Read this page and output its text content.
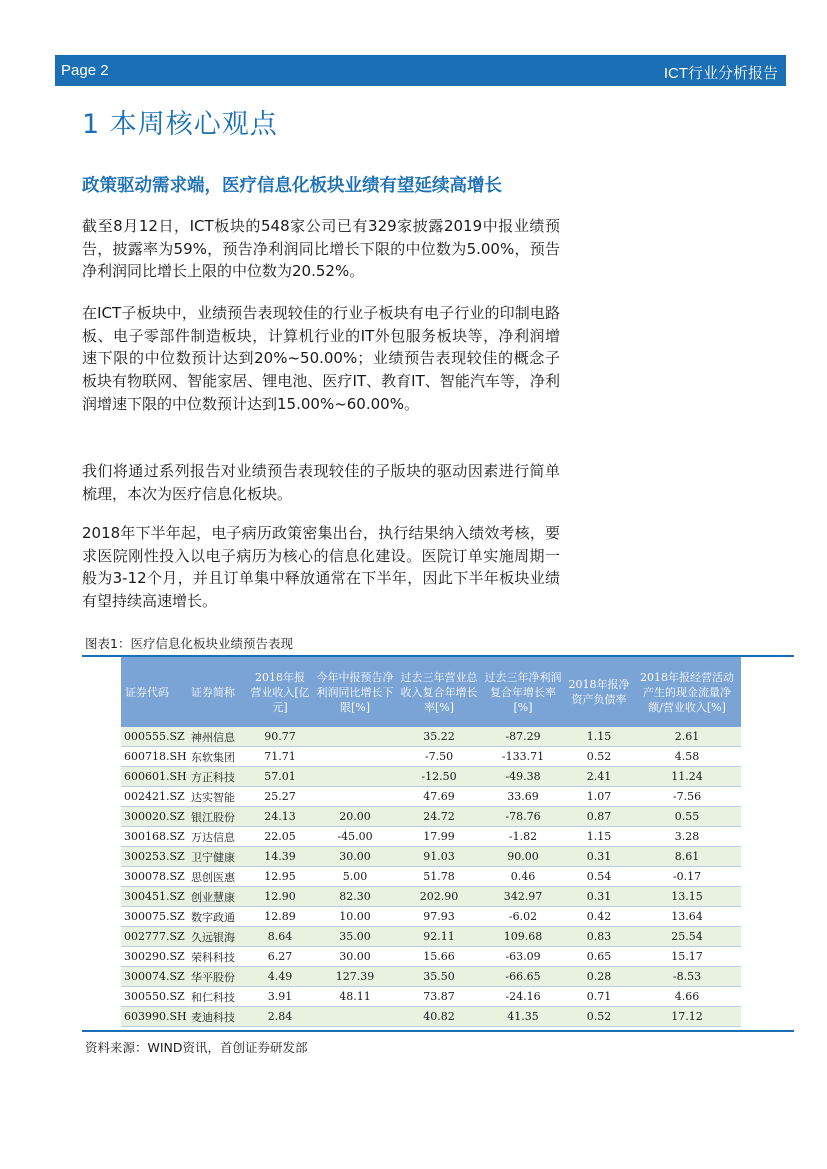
Page 2	ICT行业分析报告
1 本周核心观点
政策驱动需求端，医疗信息化板块业绩有望延续高增长

截至8月12日，ICT板块的548家公司已有329家披露2019中报业绩预告，披露率为59%，预告净利润同比增长下限的中位数为5.00%，预告净利润同比增长上限的中位数为20.52%。

在ICT子板块中，业绩预告表现较佳的行业子板块有电子行业的印制电路板、电子零部件制造板块，计算机行业的IT外包服务板块等，净利润增速下限的中位数预计达到20%~50.00%；业绩预告表现较佳的概念子板块有物联网、智能家居、锂电池、医疗IT、教育IT、智能汽车等，净利润增速下限的中位数预计达到15.00%~60.00%。

我们将通过系列报告对业绩预告表现较佳的子版块的驱动因素进行简单梳理，本次为医疗信息化板块。

2018年下半年起，电子病历政策密集出台，执行结果纳入绩效考核，要求医院刚性投入以电子病历为核心的信息化建设。医院订单实施周期一般为3-12个月，并且订单集中释放通常在下半年，因此下半年板块业绩有望持续高速增长。

图表1：医疗信息化板块业绩预告表现
证券代码	证券简称	2018年报营业收入[亿元]	今年中报预告净利润同比增长下限[%]	过去三年营业总收入复合年增长率[%]	过去三年净利润复合年增长率[%]	2018年报净资产负债率	2018年报经营活动产生的现金流量净额/营业收入[%]
000555.SZ	神州信息	90.77		35.22	-87.29	1.15	2.61
600718.SH	东软集团	71.71		-7.50	-133.71	0.52	4.58
600601.SH	方正科技	57.01		-12.50	-49.38	2.41	11.24
002421.SZ	达实智能	25.27		47.69	33.69	1.07	-7.56
300020.SZ	银江股份	24.13	20.00	24.72	-78.76	0.87	0.55
300168.SZ	万达信息	22.05	-45.00	17.99	-1.82	1.15	3.28
300253.SZ	卫宁健康	14.39	30.00	91.03	90.00	0.31	8.61
300078.SZ	思创医惠	12.95	5.00	51.78	0.46	0.54	-0.17
300451.SZ	创业慧康	12.90	82.30	202.90	342.97	0.31	13.15
300075.SZ	数字政通	12.89	10.00	97.93	-6.02	0.42	13.64
002777.SZ	久远银海	8.64	35.00	92.11	109.68	0.83	25.54
300290.SZ	荣科科技	6.27	30.00	15.66	-63.09	0.65	15.17
300074.SZ	华平股份	4.49	127.39	35.50	-66.65	0.28	-8.53
300550.SZ	和仁科技	3.91	48.11	73.87	-24.16	0.71	4.66
603990.SH	麦迪科技	2.84		40.82	41.35	0.52	17.12
资料来源：WIND资讯，首创证券研发部
